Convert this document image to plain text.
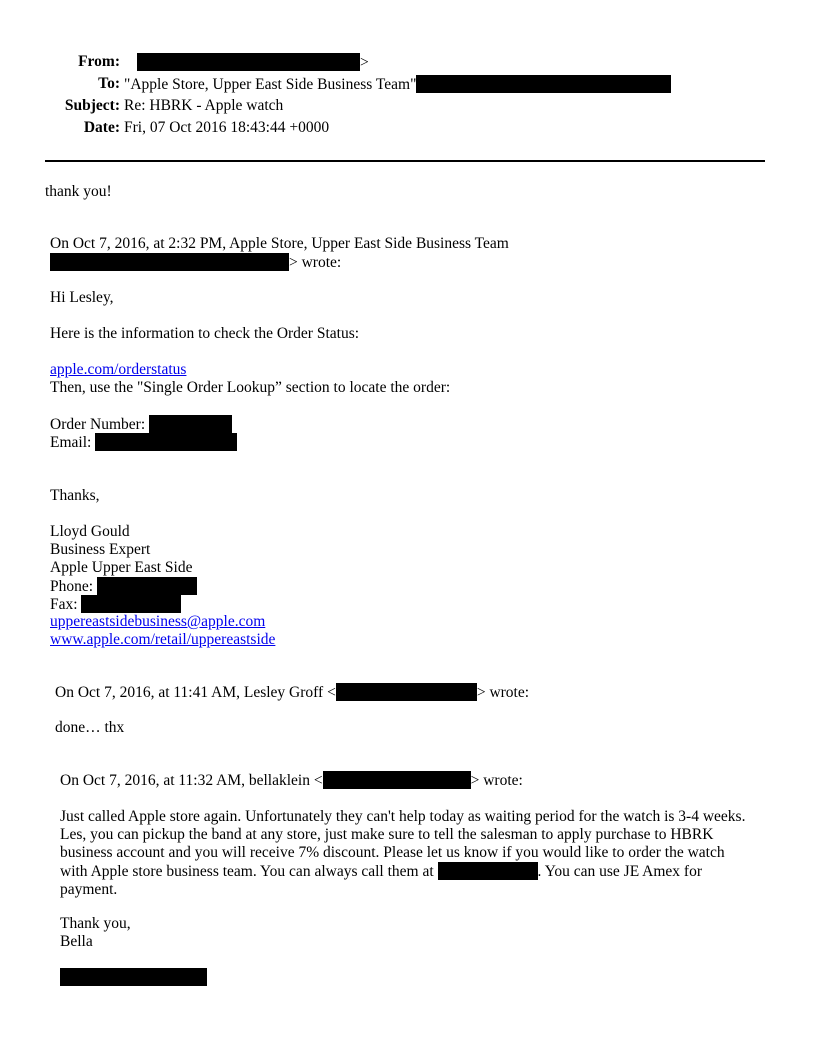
From:	>
To: "Apple Store, Upper East Side Business Team"
Subject: Re: HBRK - Apple watch
Date: Fri, 07 Oct 2016 18:43:44 +0000
thank you!
On Oct 7, 2016, at 2:32 PM, Apple Store, Upper East Side Business Team
> wrote:
Hi Lesley,
Here is the information to check the Order Status:
apple.com/orderstatus
Then, use the "Single Order Lookup” section to locate the order:
Order Number:
Email:
Thanks,
Lloyd Gould
Business Expert
Apple Upper East Side
Phone:
Fax:
uppereastsidebusiness@apple.com
www.apple.com/retail/uppereastside
On Oct 7, 2016, at 11:41 AM, Lesley Groff <	> wrote:
done… thx
On Oct 7, 2016, at 11:32 AM, bellaklein <	> wrote:
Just called Apple store again. Unfortunately they can't help today as waiting period for the watch is 3-4 weeks. Les, you can pickup the band at any store, just make sure to tell the salesman to apply purchase to HBRK business account and you will receive 7% discount. Please let us know if you would like to order the watch with Apple store business team. You can always call them at	. You can use JE Amex for payment.
Thank you,
Bella
